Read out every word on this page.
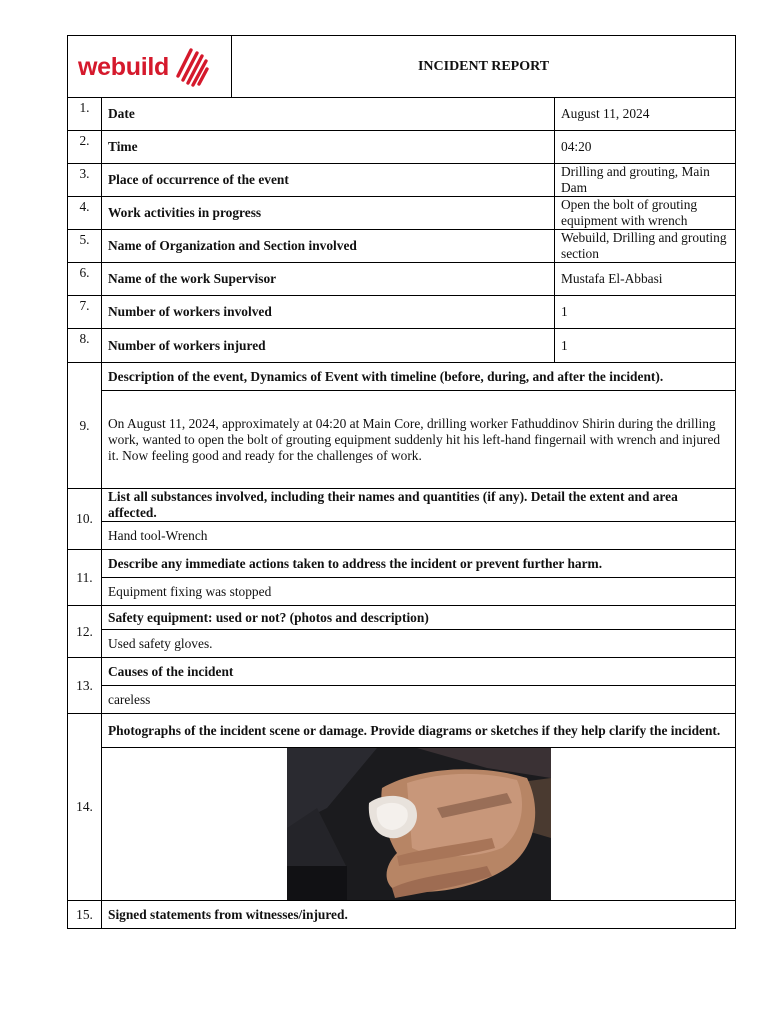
webuild		INCIDENT REPORT	
1.	Date		August 11, 2024
2.	Time		04:20
3.	Place of occurrence of the event		Drilling and grouting, Main Dam
4.	Work activities in progress		Open the bolt of grouting equipment with wrench
5.	Name of Organization and Section involved		Webuild, Drilling and grouting section
6.	Name of the work Supervisor		Mustafa El-Abbasi
7.	Number of workers involved		1
8.	Number of workers injured		1
9.	Description of the event, Dynamics of Event with timeline (before, during, and after the incident).		
	On August 11, 2024, approximately at 04:20 at Main Core, drilling worker Fathuddinov Shirin during the drilling work, wanted to open the bolt of grouting equipment suddenly hit his left-hand fingernail with wrench and injured it. Now feeling good and ready for the challenges of work.		
10.	List all substances involved, including their names and quantities (if any). Detail the extent and area affected.		
	Hand tool-Wrench		
11.	Describe any immediate actions taken to address the incident or prevent further harm.		
	Equipment fixing was stopped		
12.	Safety equipment: used or not? (photos and description)		
	Used safety gloves.		
13.	Causes of the incident		
	careless		
14.	Photographs of the incident scene or damage. Provide diagrams or sketches if they help clarify the incident.		

15.	Signed statements from witnesses/injured.		
